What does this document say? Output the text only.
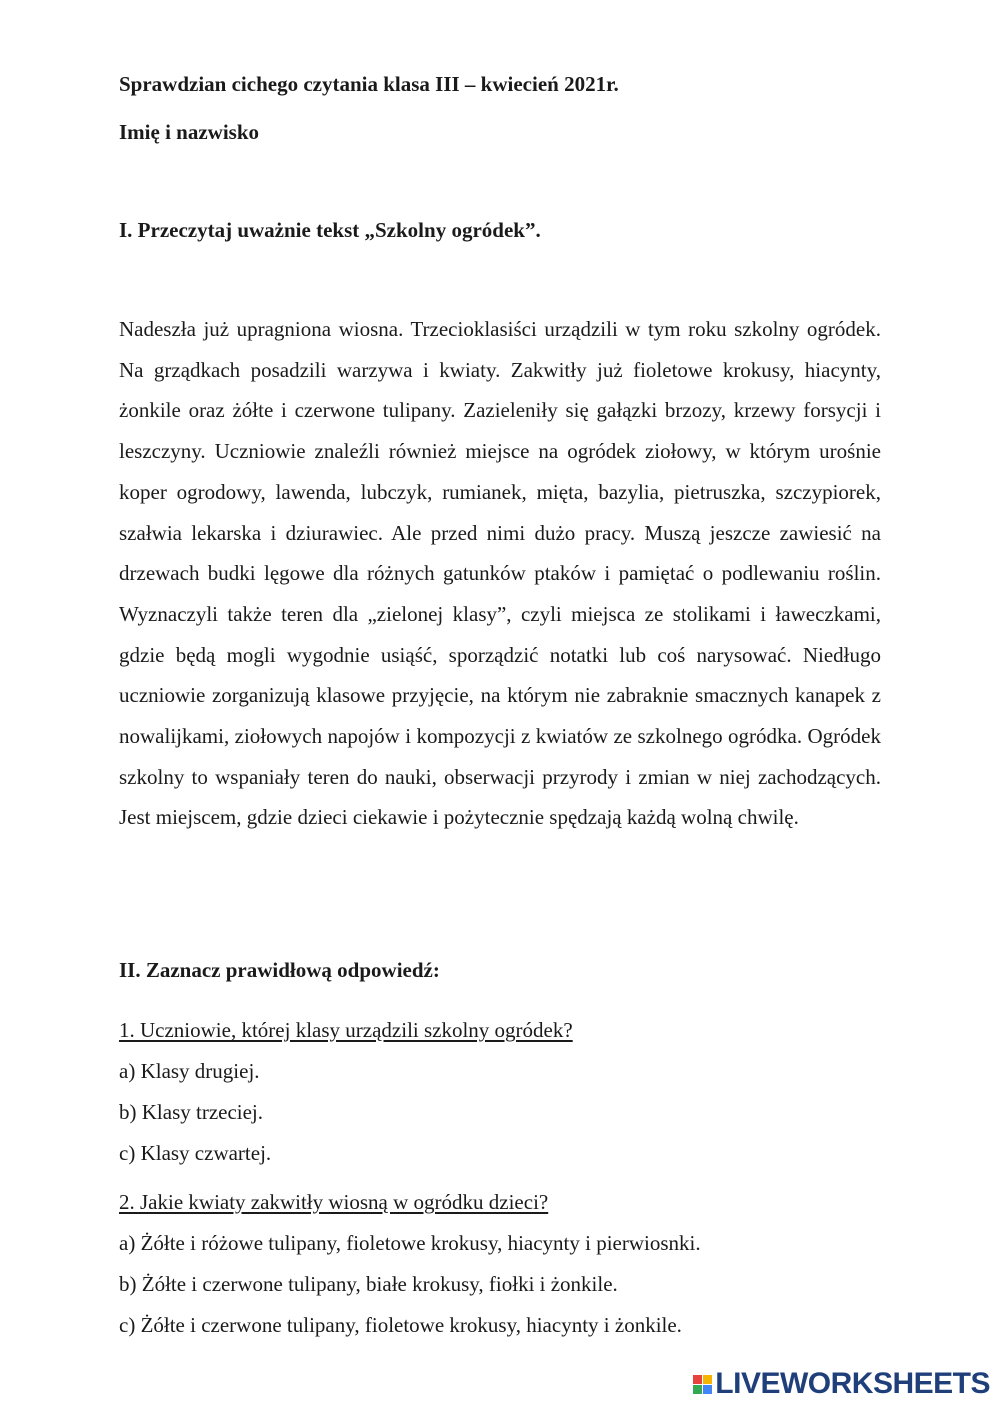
Sprawdzian cichego czytania klasa III – kwiecień 2021r.
Imię i nazwisko
I. Przeczytaj uważnie tekst „Szkolny ogródek”.

Nadeszła już upragniona wiosna. Trzecioklasiści urządzili w tym roku szkolny ogródek. Na grządkach posadzili warzywa i kwiaty. Zakwitły już fioletowe krokusy, hiacynty, żonkile oraz żółte i czerwone tulipany. Zazieleniły się gałązki brzozy, krzewy forsycji i leszczyny. Uczniowie znaleźli również miejsce na ogródek ziołowy, w którym urośnie koper ogrodowy, lawenda, lubczyk, rumianek, mięta, bazylia, pietruszka, szczypiorek, szałwia lekarska i dziurawiec. Ale przed nimi dużo pracy. Muszą jeszcze zawiesić na drzewach budki lęgowe dla różnych gatunków ptaków i pamiętać o podlewaniu roślin. Wyznaczyli także teren dla „zielonej klasy”, czyli miejsca ze stolikami i ławeczkami, gdzie będą mogli wygodnie usiąść, sporządzić notatki lub coś narysować. Niedługo uczniowie zorganizują klasowe przyjęcie, na którym nie zabraknie smacznych kanapek z nowalijkami, ziołowych napojów i kompozycji z kwiatów ze szkolnego ogródka. Ogródek szkolny to wspaniały teren do nauki, obserwacji przyrody i zmian w niej zachodzących. Jest miejscem, gdzie dzieci ciekawie i pożytecznie spędzają każdą wolną chwilę.

II. Zaznacz prawidłową odpowiedź:
1. Uczniowie, której klasy urządzili szkolny ogródek?
a) Klasy drugiej.
b) Klasy trzeciej.
c) Klasy czwartej.
2. Jakie kwiaty zakwitły wiosną w ogródku dzieci?
a) Żółte i różowe tulipany, fioletowe krokusy, hiacynty i pierwiosnki.
b) Żółte i czerwone tulipany, białe krokusy, fiołki i żonkile.
c) Żółte i czerwone tulipany, fioletowe krokusy, hiacynty i żonkile.
LIVEWORKSHEETS
